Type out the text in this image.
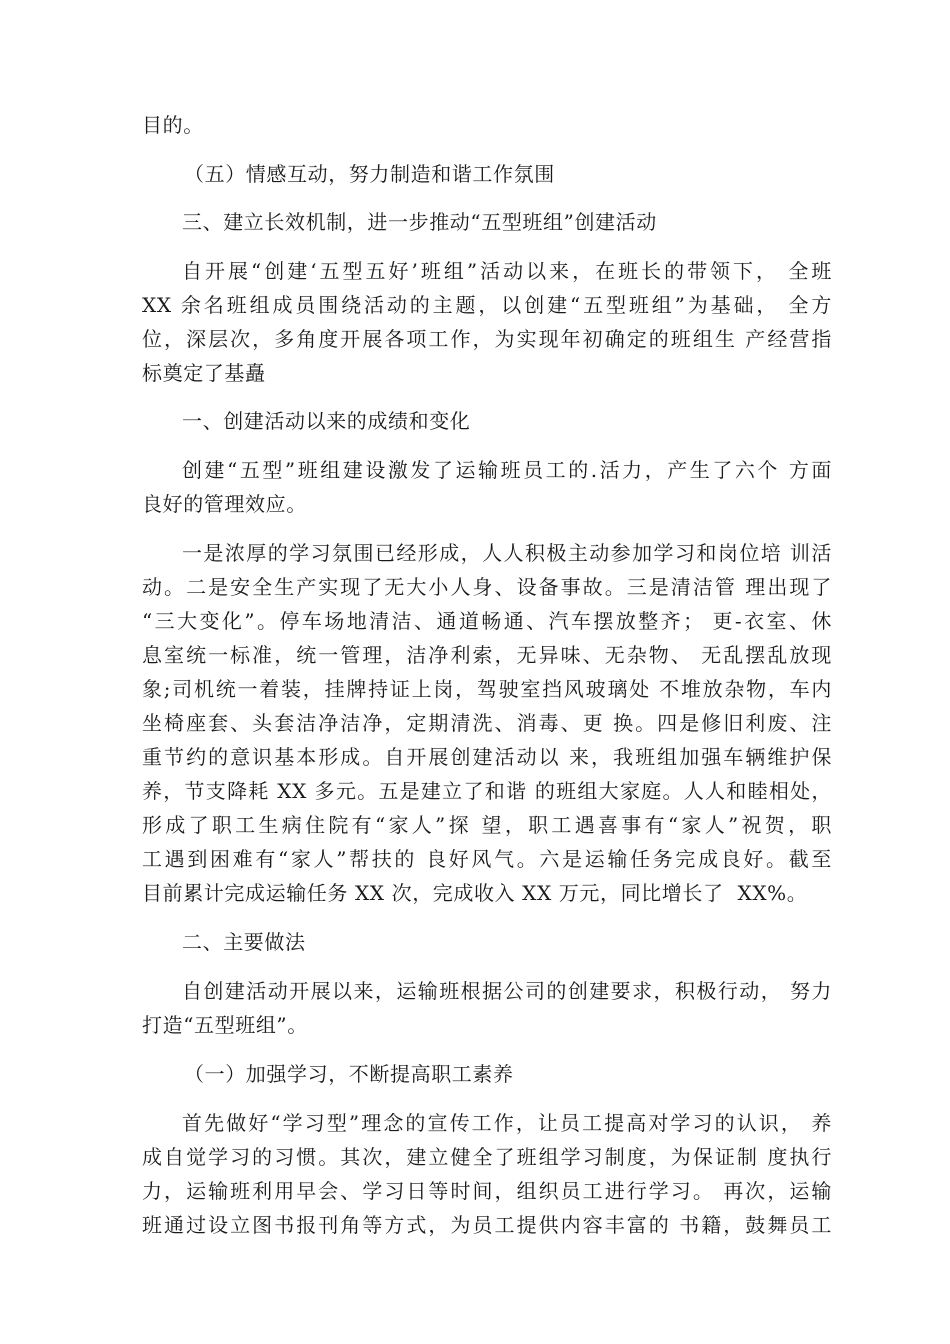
目的。
（五）情感互动，努力制造和谐工作氛围
三、建立长效机制，进一步推动“五型班组”创建活动
自开展“创建‘五型五好’班组”活动以来，在班长的带领下， 全班
XX 余名班组成员围绕活动的主题，以创建“五型班组”为基础， 全方
位，深层次，多角度开展各项工作，为实现年初确定的班组生 产经营指
标奠定了基矗
一、创建活动以来的成绩和变化
创建“五型”班组建设激发了运输班员工的.活力，产生了六个 方面
良好的管理效应。
一是浓厚的学习氛围已经形成，人人积极主动参加学习和岗位培 训活
动。二是安全生产实现了无大小人身、设备事故。三是清洁管 理出现了
“三大变化”。停车场地清洁、通道畅通、汽车摆放整齐； 更-衣室、休
息室统一标准，统一管理，洁净利索，无异味、无杂物、 无乱摆乱放现
象;司机统一着装，挂牌持证上岗，驾驶室挡风玻璃处 不堆放杂物，车内
坐椅座套、头套洁净洁净，定期清洗、消毒、更 换。四是修旧利废、注
重节约的意识基本形成。自开展创建活动以 来，我班组加强车辆维护保
养，节支降耗 XX 多元。五是建立了和谐 的班组大家庭。人人和睦相处，
形成了职工生病住院有“家人”探 望，职工遇喜事有“家人”祝贺，职
工遇到困难有“家人”帮扶的 良好风气。六是运输任务完成良好。截至
目前累计完成运输任务 XX 次，完成收入 XX 万元，同比增长了  XX%。
二、主要做法
自创建活动开展以来，运输班根据公司的创建要求，积极行动， 努力
打造“五型班组”。
（一）加强学习，不断提高职工素养
首先做好“学习型”理念的宣传工作，让员工提高对学习的认识， 养
成自觉学习的习惯。其次，建立健全了班组学习制度，为保证制 度执行
力，运输班利用早会、学习日等时间，组织员工进行学习。 再次，运输
班通过设立图书报刊角等方式，为员工提供内容丰富的 书籍，鼓舞员工
